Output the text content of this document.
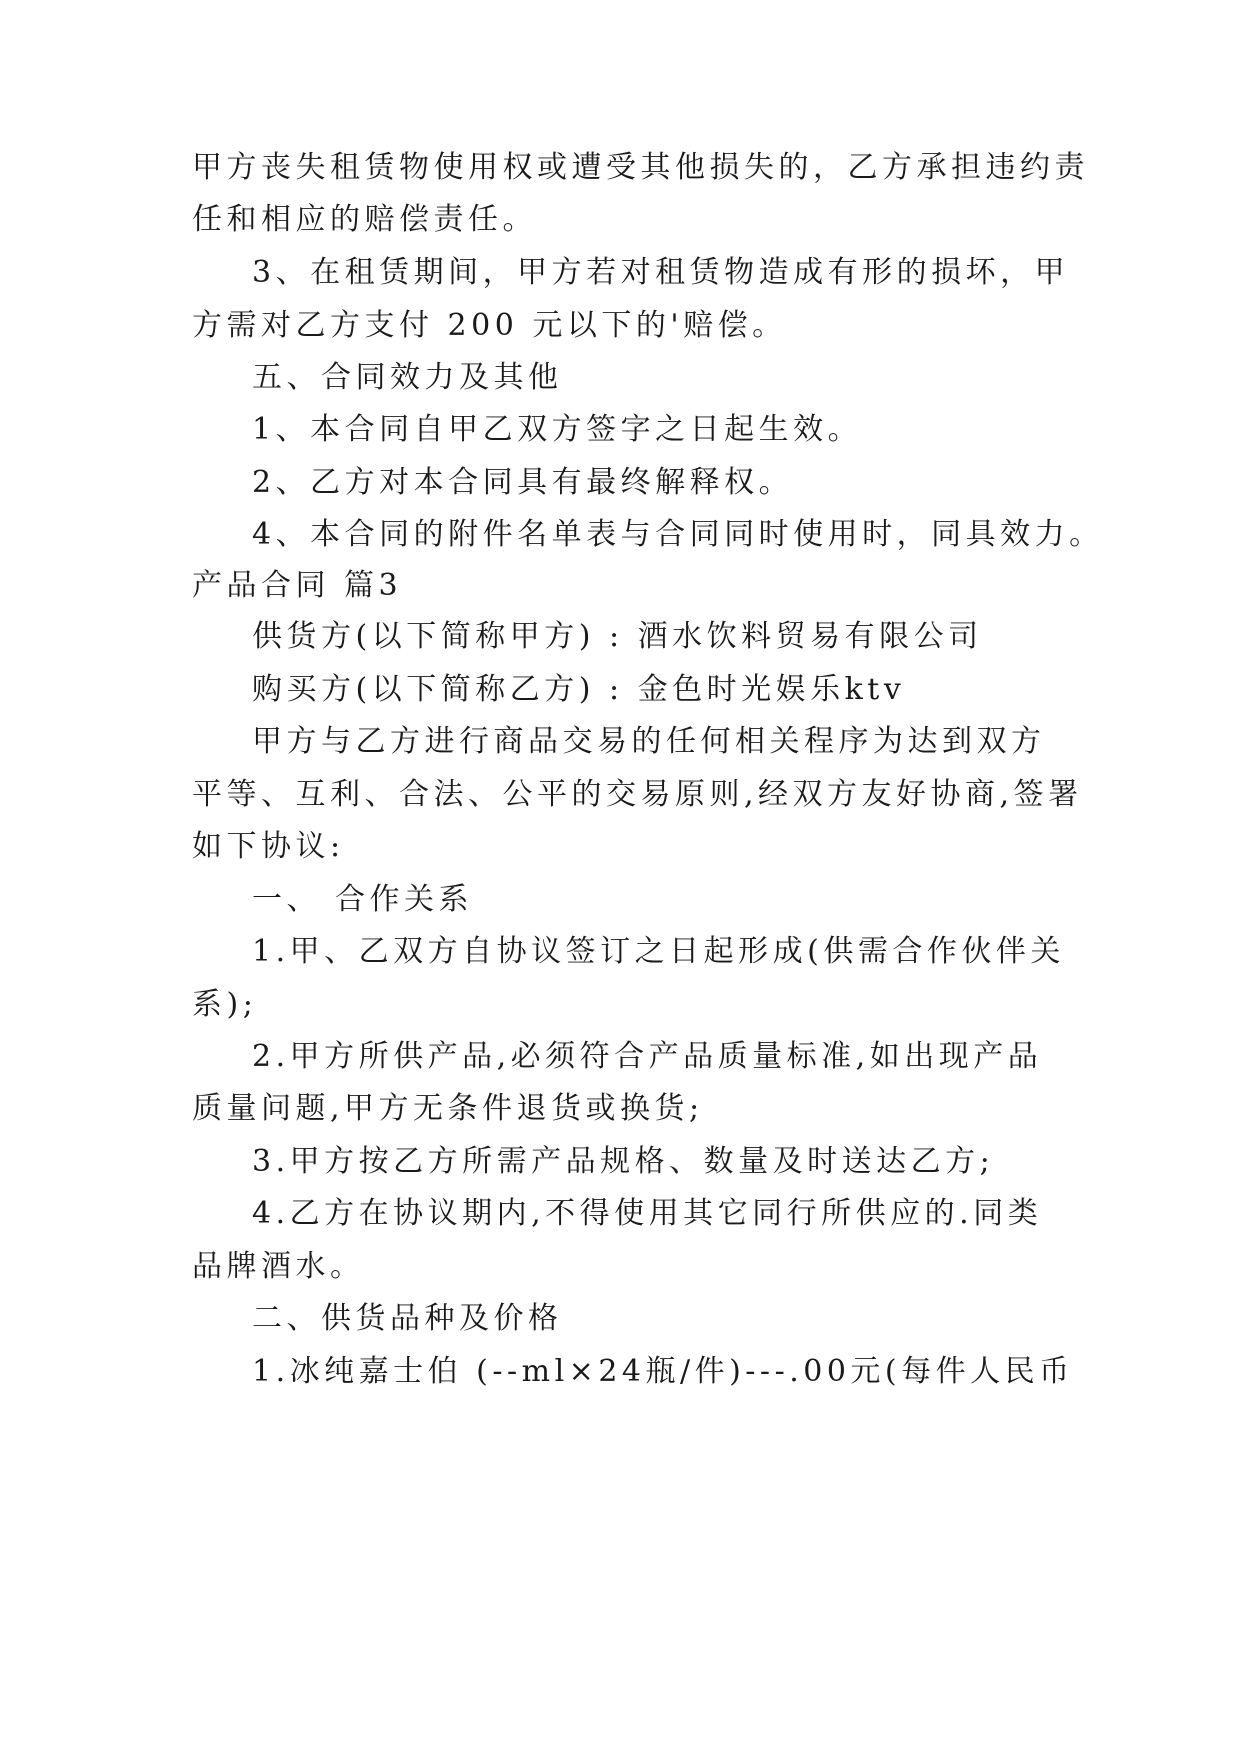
甲方丧失租赁物使用权或遭受其他损失的，乙方承担违约责
任和相应的赔偿责任。
3、在租赁期间，甲方若对租赁物造成有形的损坏，甲
方需对乙方支付 200 元以下的'赔偿。
五、合同效力及其他
1、本合同自甲乙双方签字之日起生效。
2、乙方对本合同具有最终解释权。
4、本合同的附件名单表与合同同时使用时，同具效力。
产品合同 篇3
供货方(以下简称甲方) : 酒水饮料贸易有限公司
购买方(以下简称乙方) : 金色时光娱乐ktv
甲方与乙方进行商品交易的任何相关程序为达到双方
平等、互利、合法、公平的交易原则,经双方友好协商,签署
如下协议:
一、 合作关系
1.甲、乙双方自协议签订之日起形成(供需合作伙伴关
系);
2.甲方所供产品,必须符合产品质量标准,如出现产品
质量问题,甲方无条件退货或换货;
3.甲方按乙方所需产品规格、数量及时送达乙方;
4.乙方在协议期内,不得使用其它同行所供应的.同类
品牌酒水。
二、供货品种及价格
1.冰纯嘉士伯 (--ml×24瓶/件)---.00元(每件人民币
